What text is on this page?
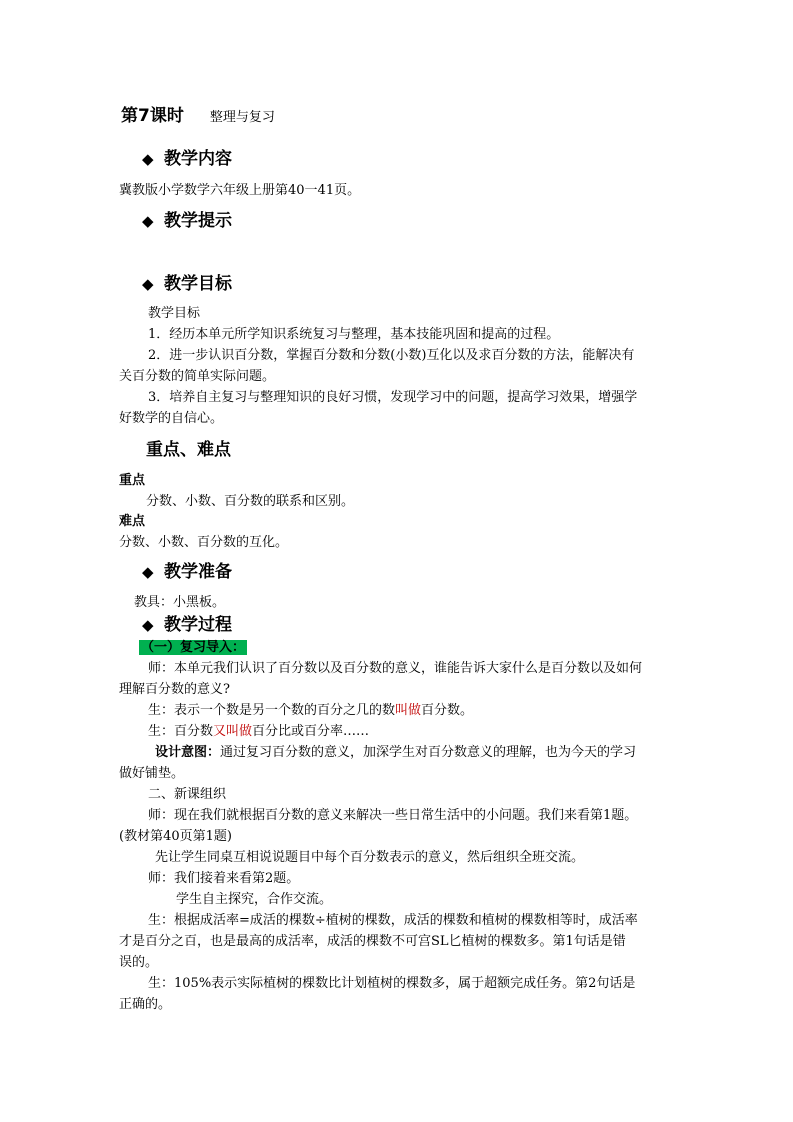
第7课时 整理与复习
◆ 教学内容
冀教版小学数学六年级上册第40一41页。
◆ 教学提示
◆ 教学目标
教学目标
1．经历本单元所学知识系统复习与整理，基本技能巩固和提高的过程。
2．进一步认识百分数，掌握百分数和分数(小数)互化以及求百分数的方法，能解决有
关百分数的简单实际问题。
3．培养自主复习与整理知识的良好习惯，发现学习中的问题，提高学习效果，增强学
好数学的自信心。
重点、难点
重点
分数、小数、百分数的联系和区别。
难点
分数、小数、百分数的互化。
◆ 教学准备
教具：小黑板。
◆ 教学过程
（一）复习导入：
师：本单元我们认识了百分数以及百分数的意义，谁能告诉大家什么是百分数以及如何
理解百分数的意义?
生：表示一个数是另一个数的百分之几的数叫做百分数。
生：百分数又叫做百分比或百分率……
设计意图：通过复习百分数的意义，加深学生对百分数意义的理解，也为今天的学习
做好铺垫。
二、新课组织
师：现在我们就根据百分数的意义来解决一些日常生活中的小问题。我们来看第1题。
(教材第40页第1题)
先让学生同桌互相说说题目中每个百分数表示的意义，然后组织全班交流。
师：我们接着来看第2题。
学生自主探究，合作交流。
生：根据成活率=成活的棵数÷植树的棵数，成活的棵数和植树的棵数相等时，成活率
才是百分之百，也是最高的成活率，成活的棵数不可宫SL匕植树的棵数多。第1句话是错
误的。
生：105%表示实际植树的棵数比计划植树的棵数多，属于超额完成任务。第2句话是
正确的。
